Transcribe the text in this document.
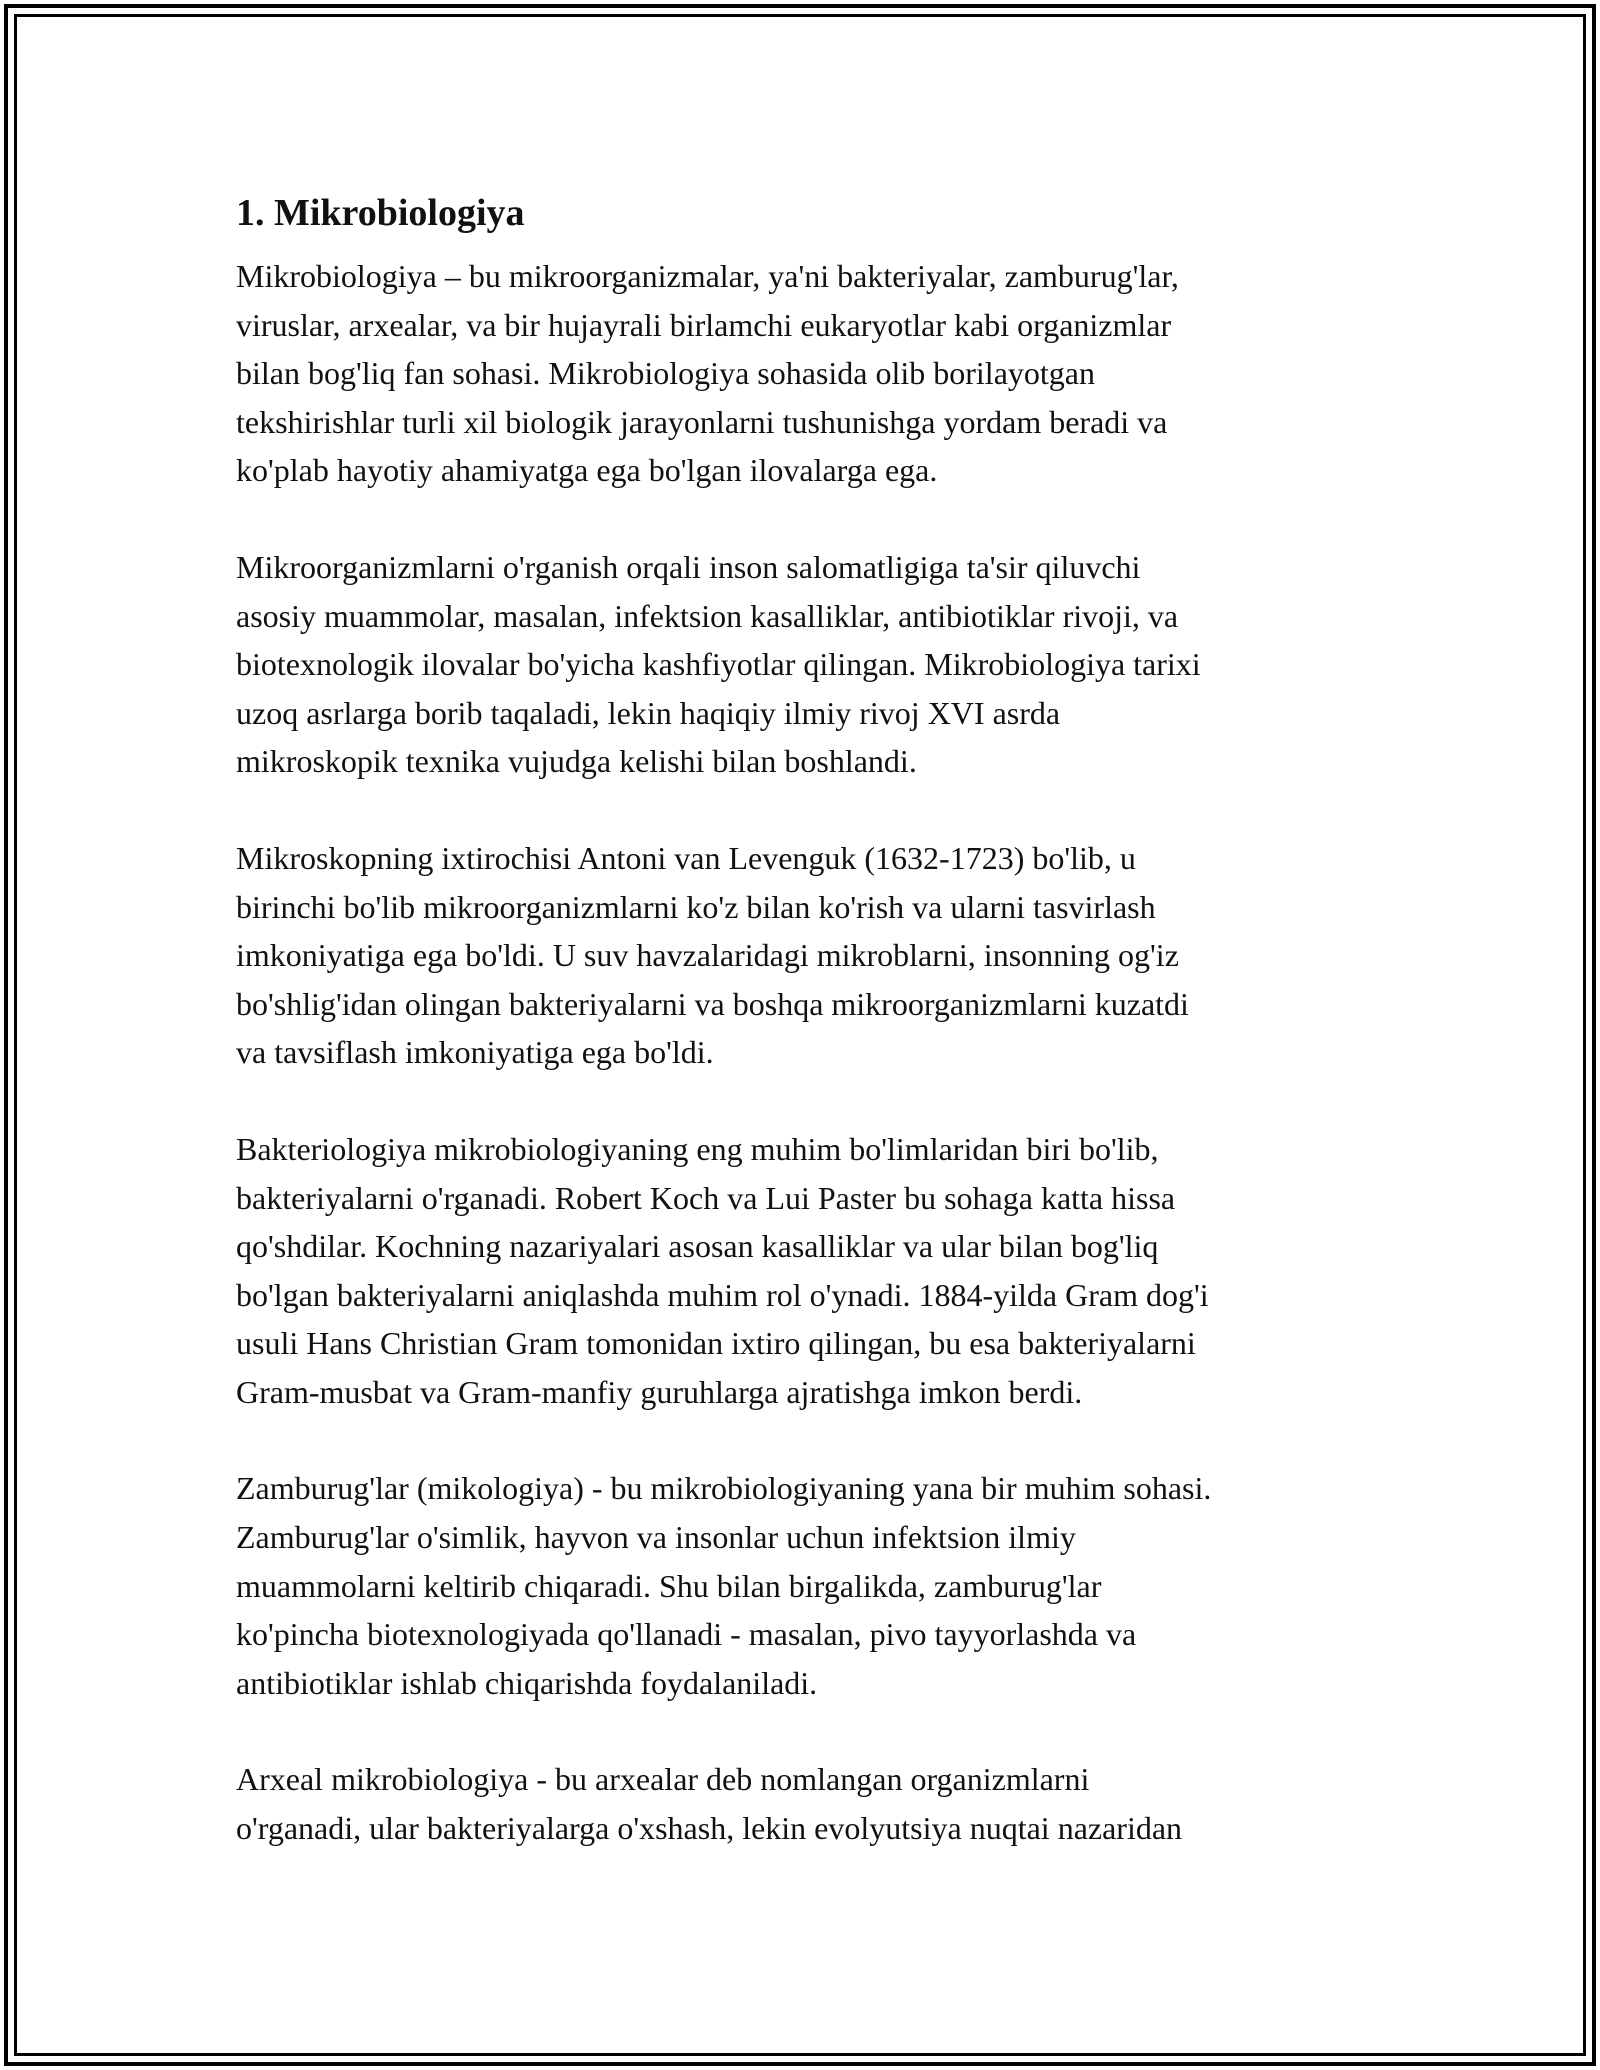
1. Mikrobiologiya

Mikrobiologiya – bu mikroorganizmalar, ya'ni bakteriyalar, zamburug'lar,
viruslar, arxealar, va bir hujayrali birlamchi eukaryotlar kabi organizmlar
bilan bog'liq fan sohasi. Mikrobiologiya sohasida olib borilayotgan
tekshirishlar turli xil biologik jarayonlarni tushunishga yordam beradi va
ko'plab hayotiy ahamiyatga ega bo'lgan ilovalarga ega.

Mikroorganizmlarni o'rganish orqali inson salomatligiga ta'sir qiluvchi
asosiy muammolar, masalan, infektsion kasalliklar, antibiotiklar rivoji, va
biotexnologik ilovalar bo'yicha kashfiyotlar qilingan. Mikrobiologiya tarixi
uzoq asrlarga borib taqaladi, lekin haqiqiy ilmiy rivoj XVI asrda
mikroskopik texnika vujudga kelishi bilan boshlandi.

Mikroskopning ixtirochisi Antoni van Levenguk (1632-1723) bo'lib, u
birinchi bo'lib mikroorganizmlarni ko'z bilan ko'rish va ularni tasvirlash
imkoniyatiga ega bo'ldi. U suv havzalaridagi mikroblarni, insonning og'iz
bo'shlig'idan olingan bakteriyalarni va boshqa mikroorganizmlarni kuzatdi
va tavsiflash imkoniyatiga ega bo'ldi.

Bakteriologiya mikrobiologiyaning eng muhim bo'limlaridan biri bo'lib,
bakteriyalarni o'rganadi. Robert Koch va Lui Paster bu sohaga katta hissa
qo'shdilar. Kochning nazariyalari asosan kasalliklar va ular bilan bog'liq
bo'lgan bakteriyalarni aniqlashda muhim rol o'ynadi. 1884-yilda Gram dog'i
usuli Hans Christian Gram tomonidan ixtiro qilingan, bu esa bakteriyalarni
Gram-musbat va Gram-manfiy guruhlarga ajratishga imkon berdi.

Zamburug'lar (mikologiya) - bu mikrobiologiyaning yana bir muhim sohasi.
Zamburug'lar o'simlik, hayvon va insonlar uchun infektsion ilmiy
muammolarni keltirib chiqaradi. Shu bilan birgalikda, zamburug'lar
ko'pincha biotexnologiyada qo'llanadi - masalan, pivo tayyorlashda va
antibiotiklar ishlab chiqarishda foydalaniladi.

Arxeal mikrobiologiya - bu arxealar deb nomlangan organizmlarni
o'rganadi, ular bakteriyalarga o'xshash, lekin evolyutsiya nuqtai nazaridan
